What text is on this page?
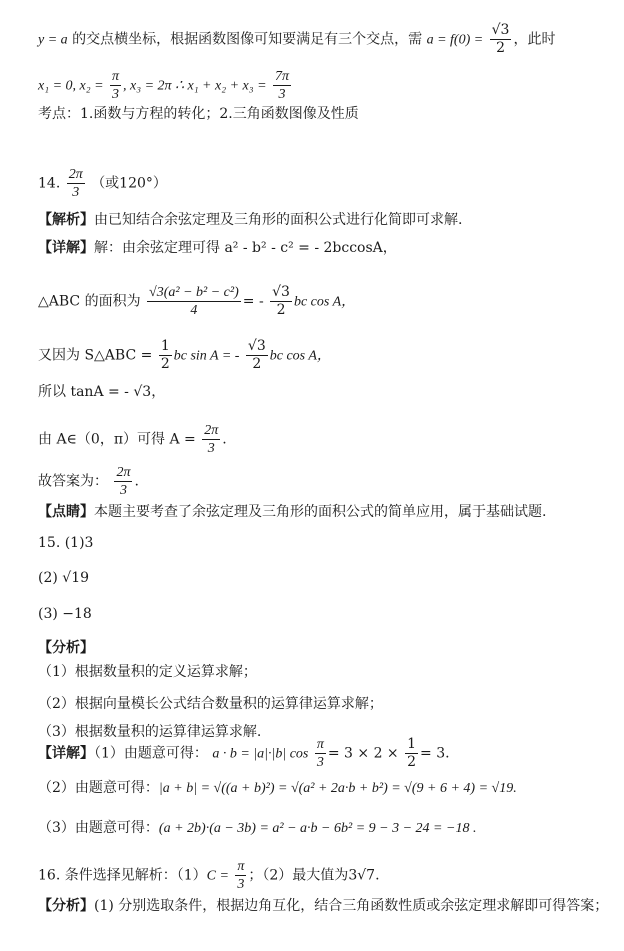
y = a 的交点横坐标，根据函数图像可知要满足有三个交点，需 $a = f(0) = \frac{√3}{2}$ ，此时
x₁ = 0, $x_2 = \frac{\pi}{3}$ , x₃ = 2π ∴ $x_1 + x_2 + x_3 = \frac{7\pi}{3}$
考点：1.函数与方程的转化；2.三角函数图像及性质
14. $\frac{2\pi}{3}$ （或120°）
【解析】由已知结合余弦定理及三角形的面积公式进行化简即可求解.
【详解】解：由余弦定理可得 a² - b² - c² = - 2bccosA，
△ABC 的面积为 $\frac{\text{√3(a² − b² − c²)}}{4}$ = - $\frac{√3}{2}$ bc cos A，
又因为 S△ABC = $\frac{1}{2}$ bc sin A = - $\frac{√3}{2}$ bc cos A，
所以 tanA = - √3，
由 A∈（0，π）可得 $A = \frac{2\pi}{3}$ .
故答案为： $\frac{2\pi}{3}$ .
【点睛】本题主要考查了余弦定理及三角形的面积公式的简单应用，属于基础试题.
15. (1)3
(2) √19
(3) −18
【分析】
（1）根据数量积的定义运算求解；
（2）根据向量模长公式结合数量积的运算律运算求解；
（3）根据数量积的运算律运算求解.
【详解】（1）由题意可得： a · b = |a|·|b| $\cos \frac{\pi}{3} = 3 \times 2 \times \frac{1}{2} = 3$.
（2）由题意可得：|a + b| = √((a + b)²) = √(a² + 2a·b + b²) = √(9 + 6 + 4) = √19.
（3）由题意可得：(a + 2b)·(a − 3b) = a² − a·b − 6b² = 9 − 3 − 24 = −18 .
16. 条件选择见解析：$(1)C = \frac{\pi}{3}$ ；（2）最大值为3√7.
【分析】(1) 分别选取条件，根据边角互化，结合三角函数性质或余弦定理求解即可得答案；
